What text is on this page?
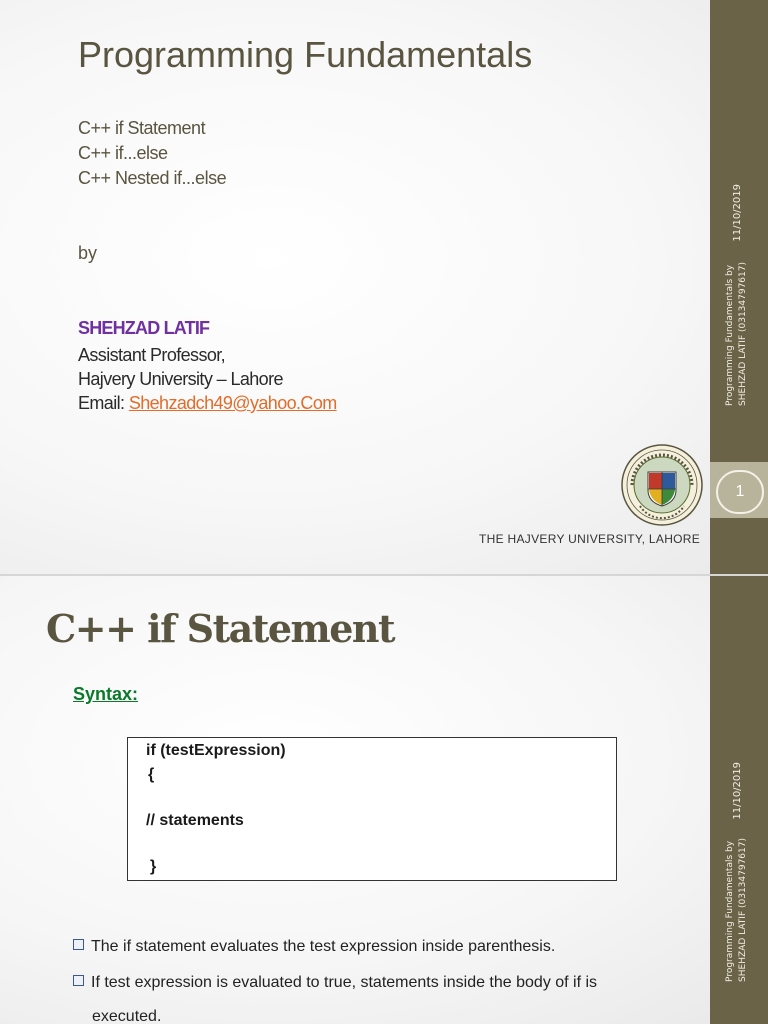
Programming Fundamentals
C++ if Statement
C++ if...else
C++ Nested if...else
by
SHEHZAD LATIF
Assistant Professor,
Hajvery University – Lahore
Email: Shehzadch49@yahoo.Com
THE HAJVERY UNIVERSITY, LAHORE
11/10/2019
Programming Fundamentals by SHEHZAD LATIF (03134797617)
1
C++ if Statement
Syntax:
if (testExpression)
{
// statements
}
The if statement evaluates the test expression inside parenthesis.
If test expression is evaluated to true, statements inside the body of if is
executed.
11/10/2019
Programming Fundamentals by SHEHZAD LATIF (03134797617)
